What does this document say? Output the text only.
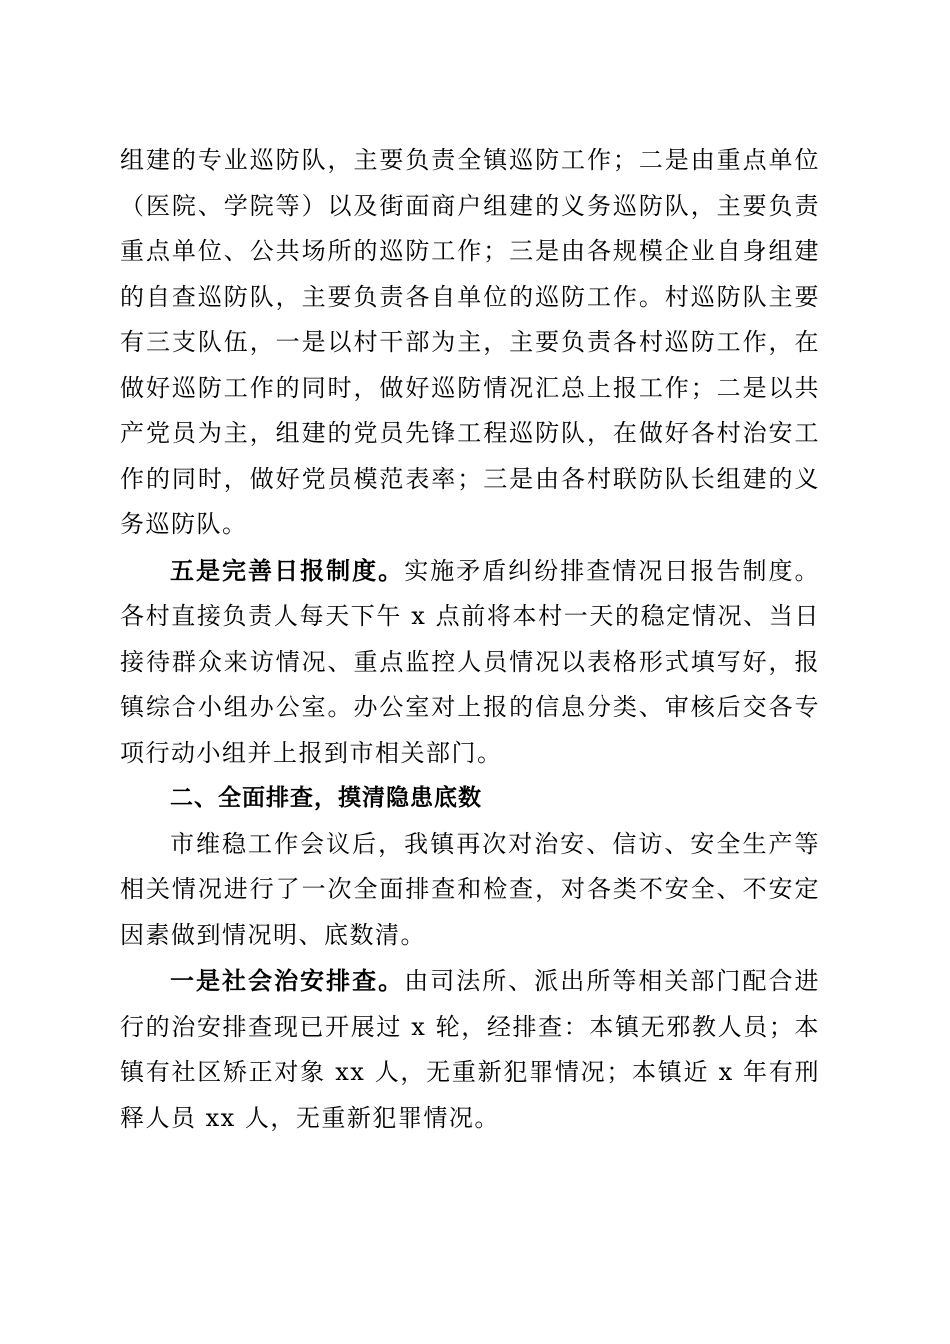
组建的专业巡防队，主要负责全镇巡防工作；二是由重点单位（医院、学院等）以及街面商户组建的义务巡防队，主要负责重点单位、公共场所的巡防工作；三是由各规模企业自身组建的自查巡防队，主要负责各自单位的巡防工作。村巡防队主要有三支队伍，一是以村干部为主，主要负责各村巡防工作，在做好巡防工作的同时，做好巡防情况汇总上报工作；二是以共产党员为主，组建的党员先锋工程巡防队，在做好各村治安工作的同时，做好党员模范表率；三是由各村联防队长组建的义务巡防队。

五是完善日报制度。实施矛盾纠纷排查情况日报告制度。各村直接负责人每天下午 x 点前将本村一天的稳定情况、当日接待群众来访情况、重点监控人员情况以表格形式填写好，报镇综合小组办公室。办公室对上报的信息分类、审核后交各专项行动小组并上报到市相关部门。

二、全面排查，摸清隐患底数

市维稳工作会议后，我镇再次对治安、信访、安全生产等相关情况进行了一次全面排查和检查，对各类不安全、不安定因素做到情况明、底数清。

一是社会治安排查。由司法所、派出所等相关部门配合进行的治安排查现已开展过 x 轮，经排查：本镇无邪教人员；本镇有社区矫正对象 xx 人，无重新犯罪情况；本镇近 x 年有刑释人员 xx 人，无重新犯罪情况。
